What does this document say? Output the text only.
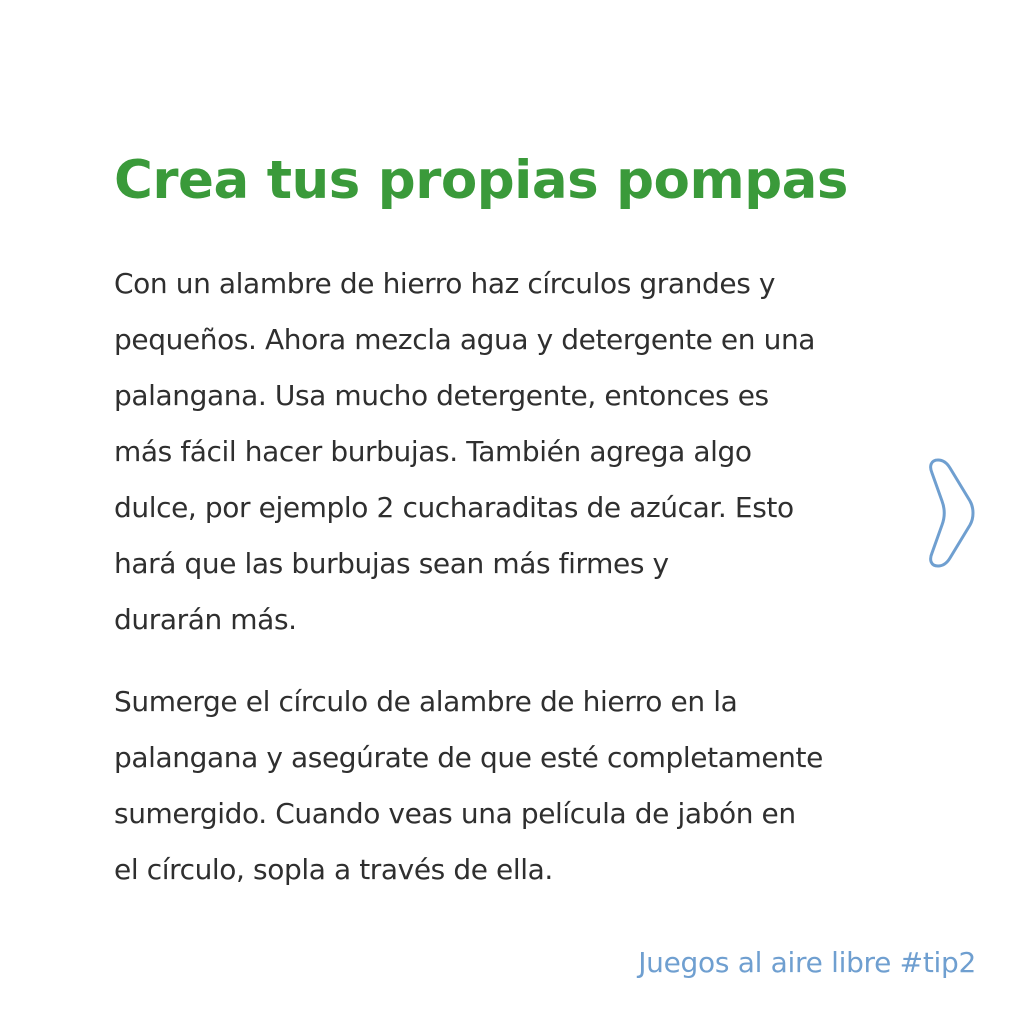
Crea tus propias pompas

Con un alambre de hierro haz círculos grandes y
pequeños. Ahora mezcla agua y detergente en una
palangana. Usa mucho detergente, entonces es
más fácil hacer burbujas. También agrega algo
dulce, por ejemplo 2 cucharaditas de azúcar. Esto
hará que las burbujas sean más firmes y
durarán más.

Sumerge el círculo de alambre de hierro en la
palangana y asegúrate de que esté completamente
sumergido. Cuando veas una película de jabón en
el círculo, sopla a través de ella.

Juegos al aire libre #tip2
